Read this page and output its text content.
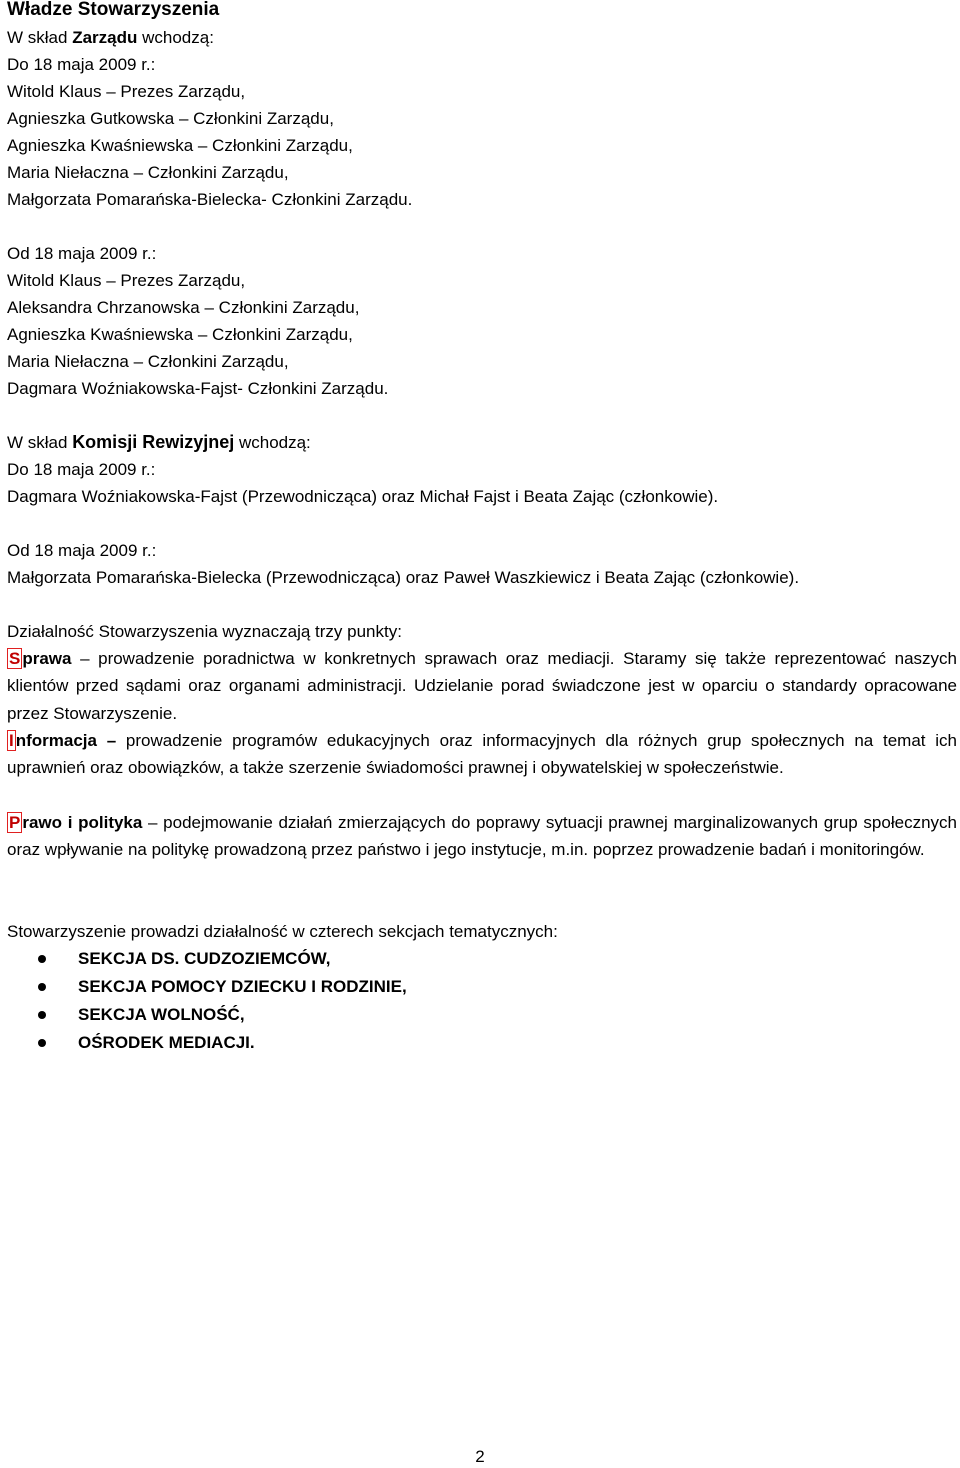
Władze Stowarzyszenia
W skład Zarządu wchodzą:
Do 18 maja 2009 r.:
Witold Klaus – Prezes Zarządu,
Agnieszka Gutkowska – Członkini Zarządu,
Agnieszka Kwaśniewska – Członkini Zarządu,
Maria Niełaczna – Członkini Zarządu,
Małgorzata Pomarańska-Bielecka- Członkini Zarządu.
Od 18 maja 2009 r.:
Witold Klaus – Prezes Zarządu,
Aleksandra Chrzanowska – Członkini Zarządu,
Agnieszka Kwaśniewska – Członkini Zarządu,
Maria Niełaczna – Członkini Zarządu,
Dagmara Woźniakowska-Fajst- Członkini Zarządu.
W skład Komisji Rewizyjnej wchodzą:
Do 18 maja 2009 r.:
Dagmara Woźniakowska-Fajst (Przewodnicząca) oraz Michał Fajst i Beata Zając (członkowie).
Od 18 maja 2009 r.:
Małgorzata Pomarańska-Bielecka (Przewodnicząca) oraz Paweł Waszkiewicz i Beata Zając (członkowie).
Działalność Stowarzyszenia wyznaczają trzy punkty:
S prawa – prowadzenie poradnictwa w konkretnych sprawach oraz mediacji. Staramy się także reprezentować naszych klientów przed sądami oraz organami administracji. Udzielanie porad świadczone jest w oparciu o standardy opracowane przez Stowarzyszenie.
I nformacja – prowadzenie programów edukacyjnych oraz informacyjnych dla różnych grup społecznych na temat ich uprawnień oraz obowiązków, a także szerzenie świadomości prawnej i obywatelskiej w społeczeństwie.
P rawo i polityka – podejmowanie działań zmierzających do poprawy sytuacji prawnej marginalizowanych grup społecznych oraz wpływanie na politykę prowadzoną przez państwo i jego instytucje, m.in. poprzez prowadzenie badań i monitoringów.
Stowarzyszenie prowadzi działalność w czterech sekcjach tematycznych:
SEKCJA DS. CUDZOZIEMCÓW,
SEKCJA POMOCY DZIECKU I RODZINIE,
SEKCJA WOLNOŚĆ,
OŚRODEK MEDIACJI.
2
